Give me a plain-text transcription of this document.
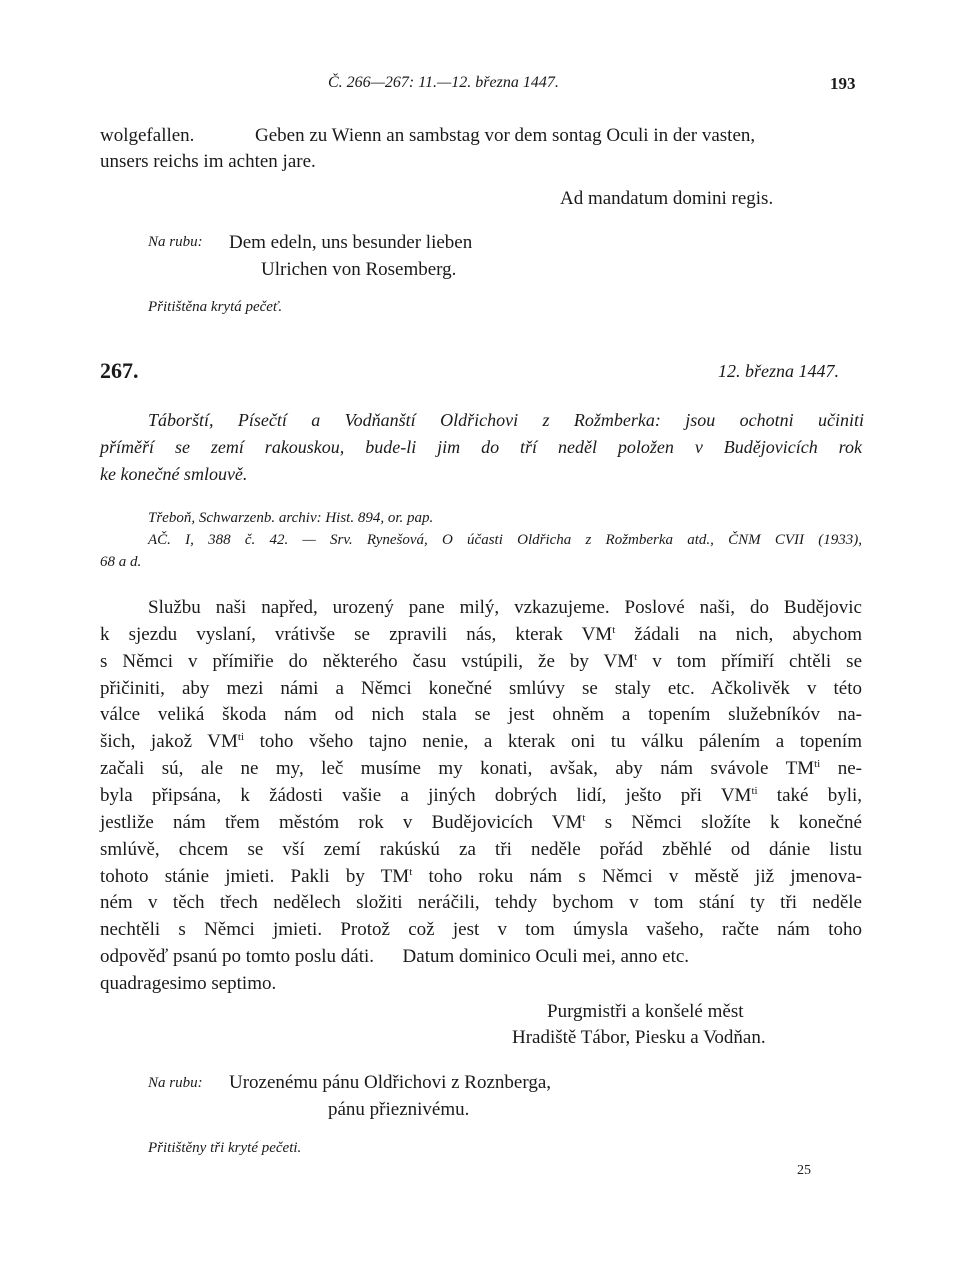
Č. 266—267: 11.—12. března 1447.	193
wolgefallen.	Geben zu Wienn an sambstag vor dem sontag Oculi in der vasten,
unsers reichs im achten jare.
Ad mandatum domini regis.
Na rubu: Dem edeln, uns besunder lieben
Ulrichen von Rosemberg.
Přitištěna krytá pečeť.
267.	12. března 1447.
Táborští, Písečtí a Vodňanští Oldřichovi z Rožmberka: jsou ochotni učiniti
příměří se zemí rakouskou, bude-li jim do tří neděl položen v Budějovicích rok
ke konečné smlouvě.
Třeboň, Schwarzenb. archiv: Hist. 894, or. pap.
AČ. I, 388 č. 42. — Srv. Rynešová, O účasti Oldřicha z Rožmberka atd., ČNM CVII (1933),
68 a d.
Službu naši napřed, urozený pane milý, vzkazujeme. Poslové naši, do Budějovic
k sjezdu vyslaní, vrátivše se zpravili nás, kterak $VM^t$ žádali na nich, abychom
s Němci v přímiřie do některého času vstúpili, že by $VM^t$ v tom přímiří chtěli se
přičiniti, aby mezi námi a Němci konečné smlúvy se staly etc. Ačkolivěk v této
válce veliká škoda nám od nich stala se jest ohněm a topením služebníkóv na-
šich, jakož $VM^{ti}$ toho všeho tajno nenie, a kterak oni tu válku pálením a topením
začali sú, ale ne my, leč musíme my konati, avšak, aby nám svávole $TM^{ti}$ ne-
byla připsána, k žádosti vašie a jiných dobrých lidí, ješto při $VM^{ti}$ také byli,
jestliže nám třem městóm rok v Budějovicích $VM^t$ s Němci složíte k konečné
smlúvě, chcem se vší zemí rakúskú za tři neděle pořád zběhlé od dánie listu
tohoto stánie jmieti. Pakli by $TM^t$ toho roku nám s Němci v městě již jmenova-
ném v těch třech nedělech složiti neráčili, tehdy bychom v tom stání ty tři neděle
nechtěli s Němci jmieti. Protož což jest v tom úmysla vašeho, račte nám toho
odpověď psanú po tomto poslu dáti.      Datum dominico Oculi mei, anno etc.
quadragesimo septimo.
Purgmistři a konšelé měst
Hradiště Tábor, Piesku a Vodňan.
Na rubu: Urozenému pánu Oldřichovi z Roznberga,
pánu přieznivému.
Přitištěny tři kryté pečeti.
25
